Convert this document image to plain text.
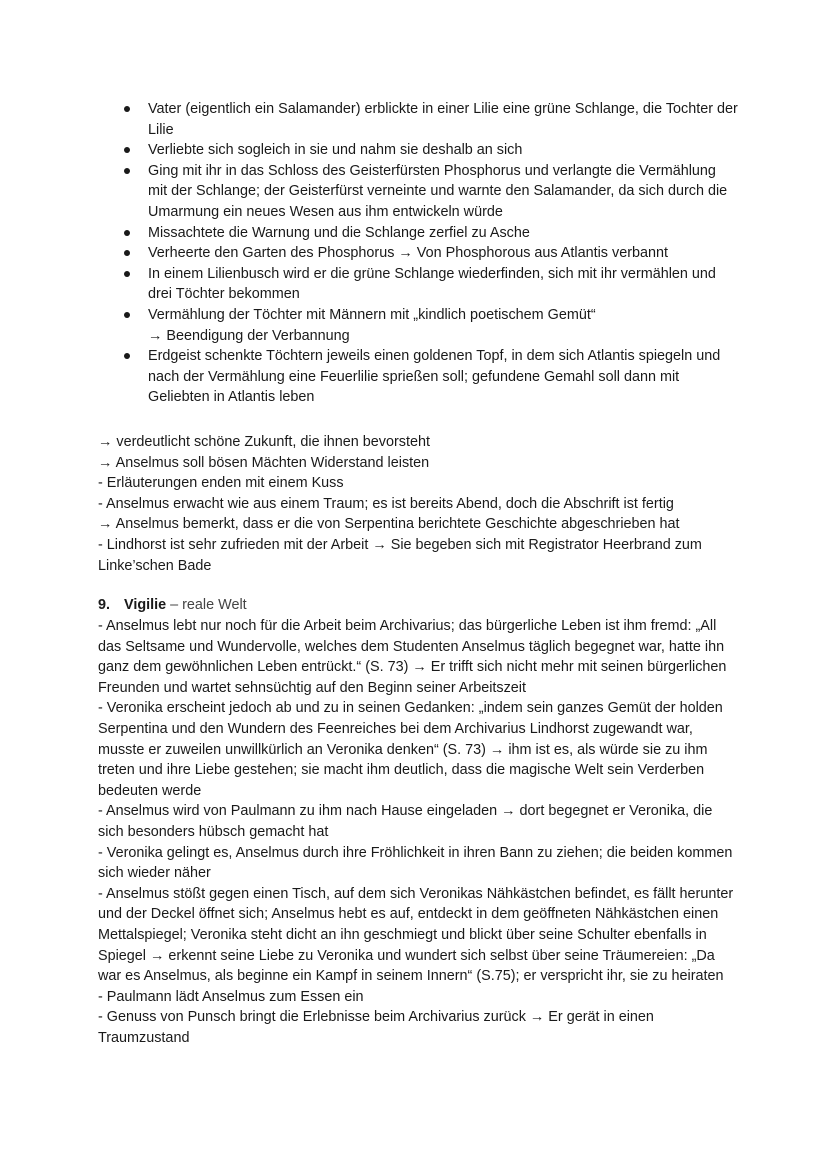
Vater (eigentlich ein Salamander) erblickte in einer Lilie eine grüne Schlange, die Tochter der Lilie
Verliebte sich sogleich in sie und nahm sie deshalb an sich
Ging mit ihr in das Schloss des Geisterfürsten Phosphorus und verlangte die Vermählung mit der Schlange; der Geisterfürst verneinte und warnte den Salamander, da sich durch die Umarmung ein neues Wesen aus ihm entwickeln würde
Missachtete die Warnung und die Schlange zerfiel zu Asche
Verheerte den Garten des Phosphorus → Von Phosphorous aus Atlantis verbannt
In einem Lilienbusch wird er die grüne Schlange wiederfinden, sich mit ihr vermählen und drei Töchter bekommen
Vermählung der Töchter mit Männern mit „kindlich poetischem Gemüt“
→ Beendigung der Verbannung
Erdgeist schenkte Töchtern jeweils einen goldenen Topf, in dem sich Atlantis spiegeln und nach der Vermählung eine Feuerlilie sprießen soll; gefundene Gemahl soll dann mit Geliebten in Atlantis leben
→ verdeutlicht schöne Zukunft, die ihnen bevorsteht
→ Anselmus soll bösen Mächten Widerstand leisten
- Erläuterungen enden mit einem Kuss
- Anselmus erwacht wie aus einem Traum; es ist bereits Abend, doch die Abschrift ist fertig
→ Anselmus bemerkt, dass er die von Serpentina berichtete Geschichte abgeschrieben hat
- Lindhorst ist sehr zufrieden mit der Arbeit → Sie begeben sich mit Registrator Heerbrand zum Linke’schen Bade
9. Vigilie – reale Welt
- Anselmus lebt nur noch für die Arbeit beim Archivarius; das bürgerliche Leben ist ihm fremd: „All das Seltsame und Wundervolle, welches dem Studenten Anselmus täglich begegnet war, hatte ihn ganz dem gewöhnlichen Leben entrückt.“ (S. 73) → Er trifft sich nicht mehr mit seinen bürgerlichen Freunden und wartet sehnsüchtig auf den Beginn seiner Arbeitszeit
- Veronika erscheint jedoch ab und zu in seinen Gedanken: „indem sein ganzes Gemüt der holden Serpentina und den Wundern des Feenreiches bei dem Archivarius Lindhorst zugewandt war, musste er zuweilen unwillkürlich an Veronika denken“ (S. 73) → ihm ist es, als würde sie zu ihm treten und ihre Liebe gestehen; sie macht ihm deutlich, dass die magische Welt sein Verderben bedeuten werde
- Anselmus wird von Paulmann zu ihm nach Hause eingeladen → dort begegnet er Veronika, die sich besonders hübsch gemacht hat
- Veronika gelingt es, Anselmus durch ihre Fröhlichkeit in ihren Bann zu ziehen; die beiden kommen sich wieder näher
- Anselmus stößt gegen einen Tisch, auf dem sich Veronikas Nähkästchen befindet, es fällt herunter und der Deckel öffnet sich; Anselmus hebt es auf, entdeckt in dem geöffneten Nähkästchen einen Mettalspiegel; Veronika steht dicht an ihn geschmiegt und blickt über seine Schulter ebenfalls in Spiegel → erkennt seine Liebe zu Veronika und wundert sich selbst über seine Träumereien: „Da war es Anselmus, als beginne ein Kampf in seinem Innern“ (S.75); er verspricht ihr, sie zu heiraten
- Paulmann lädt Anselmus zum Essen ein
- Genuss von Punsch bringt die Erlebnisse beim Archivarius zurück → Er gerät in einen Traumzustand
